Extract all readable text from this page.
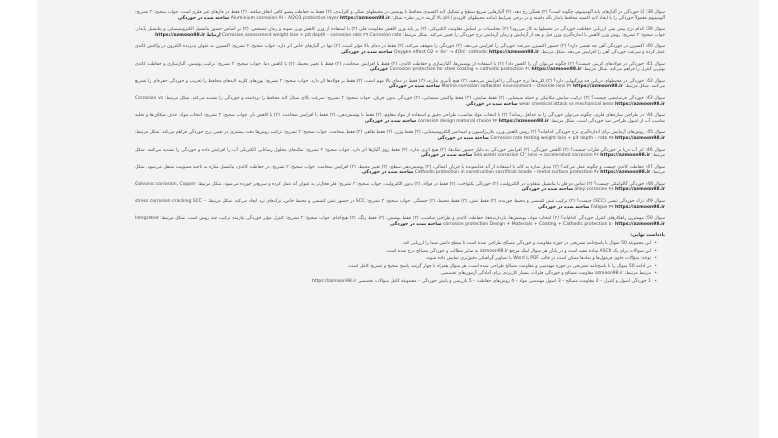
سوال 38: آیا خوردگی در آلیاژهای پایه آلومینیوم، چگونه است؟ (۳) همگن رخ دهد. (۳) آلیاژهایی سریع سطح و تشکیل لایه اکسیدی محافظ با پوشش در محیطهای نمکی و کلرایدی، (۳) فقط به حفاظت پسیو کافی اتفاق میافتد. (۳) فقط در فازهای غیر فلزی است. جواب صحیح: ۳ تشریح: آلومینیوم معمولاً خوردگی را با ایجاد لایه اکسید محافظ پایدار نگه داشته و در برخی شرایط (مانند محیطهای کلریدی) pH بالا گزینه «زیر نظر» شکل: Aluminium corrosion Al – Al2O3 protective layer https://azmoon98.ir ساخته شده در خوردگی
سوال 39: کدام نرخ پیش بینی ارزیابی حفاظت خوردگی در محیطها به کار می‌رود؟ (۳) محاسبات بر اساس مقاومت الکتریکی، (۳) بر پایه وزن کاهش مقاومت فلز، (۳) با استفاده از وزن کاهش وزن نمونه و زمان مشخص، (۳) بر اساس حضور پتانسیل الکتروشیمیایی و پتانسیل پایدار. جواب صحیح: ۳ تشریح: روش وزن کاهش با اندازه‌گیری وزن قبل و بعد از آزمایش و زمان آزمایش نرخ خوردگی را تعیین می‌کند. شکل مرتبط: Corrosion assessment weight loss + pit depth – corrosion rate ۳۹ Corrosion rate ارتباط https://azmoon98.ir
سوال 40: اکسیژن در خوردگی آهن چه نقشی دارد؟ (۳) حضور اکسیژن سرعت خوردگی را افزایش می‌دهد، (۳) خوردگی را متوقف می‌کند، (۳) فقط در دمای بالا مؤثر است، (۳) تنها در آلیاژهای خاص اثر دارد. جواب صحیح: ۳ تشریح: اکسیژن به عنوان پذیرنده الکترون در واکنش کاتدی عمل کرده و سرعت خوردگی آهن را افزایش می‌دهد. شکل مرتبط: Oxygen effect O2 + 4e⁻ → 4OH⁻ cathodic https://azmoon98.ir ساخته شده در خوردگی
سوال 41: خوردگی در فولادهای کربنی چیست؟ (۳) چگونه می‌توان آن را کاهش داد؟ (۳) با استفاده از پوشش‌ها، آلیاژسازی و حفاظت کاتدی، (۳) فقط با افزایش ضخامت، (۳) فقط با تغییر محیط، (۳) با کاهش دما. جواب صحیح: ۳ تشریح: ترکیب پوشش، آلیاژسازی و حفاظت کاتدی بهترین کنترل را فراهم می‌کند. شکل مرتبط: Corrosion protection for steel coating + cathodic protection ۴۱ https://azmoon98.ir خوردگی
سوال 42: خوردگی در محیطهای دریایی چه ویژگیهایی دارد؟ (۳) کلریدها نرخ خوردگی را افزایش می‌دهند، (۳) هیچ تأثیری ندارند، (۳) فقط در دمای بالا مهم است، (۳) فقط بر فولادها اثر دارد. جواب صحیح: ۳ تشریح: یون‌های کلرید لایه‌های محافظ را تخریب و خوردگی حفره‌ای را تسریع می‌کنند. شکل مرتبط: Marine corrosion saltwater environment – chloride ions ۴۲ https://azmoon98.ir ساخته شده در خوردگی
سوال 43: خوردگی فرسایشی چیست؟ (۳) ترکیب سایش مکانیکی و حمله شیمیایی، (۳) فقط سایش، (۳) فقط واکنش شیمیایی، (۳) خوردگی بدون جریان. جواب صحیح: ۳ تشریح: سرعت بالای سیال لایه محافظ را برداشته و خوردگی را تشدید می‌کند. شکل مرتبط: Corrosion vs wear chemical attack vs mechanical wear https://azmoon98.ir ساخته شده در خوردگی
سوال 44: در طراحی سازه‌های فلزی، چگونه می‌توان خوردگی را به حداقل رساند؟ (۳) با انتخاب مواد مناسب، طراحی دقیق و استفاده از مواد مقاوم، (۳) فقط با پوشش‌دهی، (۳) فقط با افزایش ضخامت، (۳) با کاهش بار. جواب صحیح: ۳ تشریح: انتخاب مواد، حذف شکاف‌ها و تخلیه مناسب آب از اصول طراحی ضد خوردگی است. شکل مرتبط: corrosion design material choice ۴۴ https://azmoon98.ir ساخته شده در خوردگی
سوال 45: روش‌های آزمایش برای اندازه‌گیری نرخ خوردگی کدام‌اند؟ (۳) روش کاهش وزن، پلاریزاسیون و امپدانس الکتروشیمیایی، (۳) فقط وزن، (۳) فقط ظاهر، (۳) فقط ضخامت. جواب صحیح: ۳ تشریح: ترکیب روش‌ها دقت بیشتری در تعیین نرخ خوردگی فراهم می‌کند. شکل مرتبط: Corrosion rate testing weight loss + pit depth – rate ۴۵ https://azmoon98.ir ساخته شده در خوردگی
سوال 46: اثر آب دریا بر خوردگی فلزات چیست؟ (۳) کاهش خوردگی، (۳) افزایش خوردگی به دلیل حضور نمک‌ها، (۳) هیچ اثری ندارد، (۳) فقط روی آلیاژها اثر دارد. جواب صحیح: ۳ تشریح: نمک‌های محلول رسانایی الکتریکی آب را افزایش داده و خوردگی را تشدید می‌کنند. شکل مرتبط: Sea water corrosion Cl⁻ ions → accelerated corrosion ۴۶ https://azmoon98.ir ساخته شده در خوردگی
سوال 47: حفاظت کاتدی چیست و چگونه عمل می‌کند؟ (۳) تبدیل سازه به کاتد با استفاده از آند فداشونده یا جریان اعمالی، (۳) پوشش‌دهی سطح، (۳) تغییر محیط، (۳) افزایش ضخامت. جواب صحیح: ۳ تشریح: در حفاظت کاتدی، پتانسیل سازه به ناحیه مصونیت منتقل می‌شود. شکل مرتبط: Cathodic protection in construction sacrificial anode – metal surface protection ۴۷ https://azmoon98.ir ساخته شده در خوردگی
سوال 48: خوردگی گالوانیکی چیست؟ (۳) تماس دو فلز با پتانسیل متفاوت در الکترولیت، (۳) خوردگی یکنواخت، (۳) فقط در فولاد، (۳) بدون الکترولیت. جواب صحیح: ۳ تشریح: فلز فعال‌تر به عنوان آند عمل کرده و سریع‌تر خورده می‌شود. شکل مرتبط: Galvanic corrosion, Copper alloy corrosion ۴۸ https://azmoon98.ir ساخته شده در خوردگی
سوال 49: ترک خوردگی تنشی (SCC) چیست؟ (۳) ترکیب تنش کششی و محیط خورنده، (۳) فقط تنش، (۳) فقط محیط، (۳) خستگی. جواب صحیح: ۳ تشریح: SCC در حضور تنش کششی و محیط خاص، ترک‌های ترد ایجاد می‌کند. شکل مرتبط: stress corrosion cracking SCC – Fatigue ۴۹ https://azmoon98.ir ساخته شده در خوردگی
سوال 50: مهمترین راهکارهای کنترل خوردگی کدام‌اند؟ (۳) انتخاب مواد، پوشش‌ها، بازدارنده‌ها، حفاظت کاتدی و طراحی مناسب، (۳) فقط پوشش، (۳) فقط رنگ، (۳) هیچ‌کدام. جواب صحیح: ۳ تشریح: کنترل مؤثر خوردگی نیازمند ترکیب چند روش است. شکل مرتبط: Integrated corrosion protection Design + Materials + Coating + Cathodic protection ۵۰ https://azmoon98.ir ساخته شده در خوردگی
یادداشت نهایی:
• این مجموعه 50 سوال با پاسخ‌نامه تشریحی در حوزه مقاومت و خوردگی مصالح طراحی شده است تا سطح دانش شما را ارزیابی کند.
• این سوالات برای یک ASCII ساده مفید است و در پایان هر سوال لینک مرجع azmoon98.ir به سایر مطالب و خوردگی مصالح درج شده است.
• توجه: سؤالات حاوی فرمول‌ها و نمادها ممکن است در قالب PDF یا Word با تصاویر گرافیکی دقیق‌تری نمایش داده شوند.
• در ادامه 50 سوال را با پاسخ‌نامه تشریحی در حوزه مهندسی و مقاومت مصالح طراحی شده است، هر سوال همراه با چهار گزینه، پاسخ صحیح و تشریح کامل است.
• مرتبط مرتبط: azmoon98.ir مقاومت مصالح و خوردگی فلزات، بسیار کاربردی برای آمادگی آزمون‌های تخصصی.
• 1 خوردگی اصول و کنترل – 2 مقاومت مصالح – 3 اصول مهندسی مواد – 4 روش‌های حفاظت – 5 بازرسی و پایش خوردگی – مجموعه کامل سوالات تخصصی https://azmoon98.ir
